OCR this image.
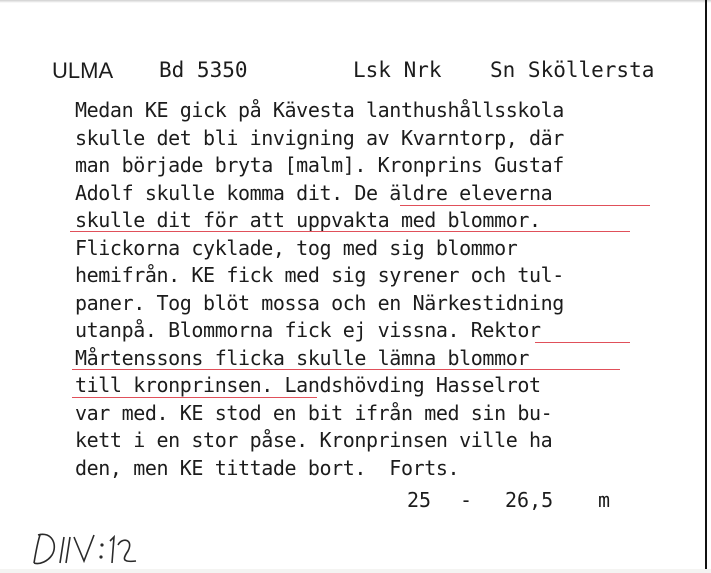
ULMA Bd 5350	Lsk Nrk Sn Sköllersta
Medan KE gick på Kävesta lanthushållsskola
skulle det bli invigning av Kvarntorp, där
man började bryta [malm]. Kronprins Gustaf
Adolf skulle komma dit. De äldre eleverna
skulle dit för att uppvakta med blommor.
Flickorna cyklade, tog med sig blommor
hemifrån. KE fick med sig syrener och tul-
paner. Tog blöt mossa och en Närkestidning
utanpå. Blommorna fick ej vissna. Rektor
Mårtenssons flicka skulle lämna blommor
till kronprinsen. Landshövding Hasselrot
var med. KE stod en bit ifrån med sin bu-
kett i en stor påse. Kronprinsen ville ha
den, men KE tittade bort.  Forts.
25 - 26,5 m
